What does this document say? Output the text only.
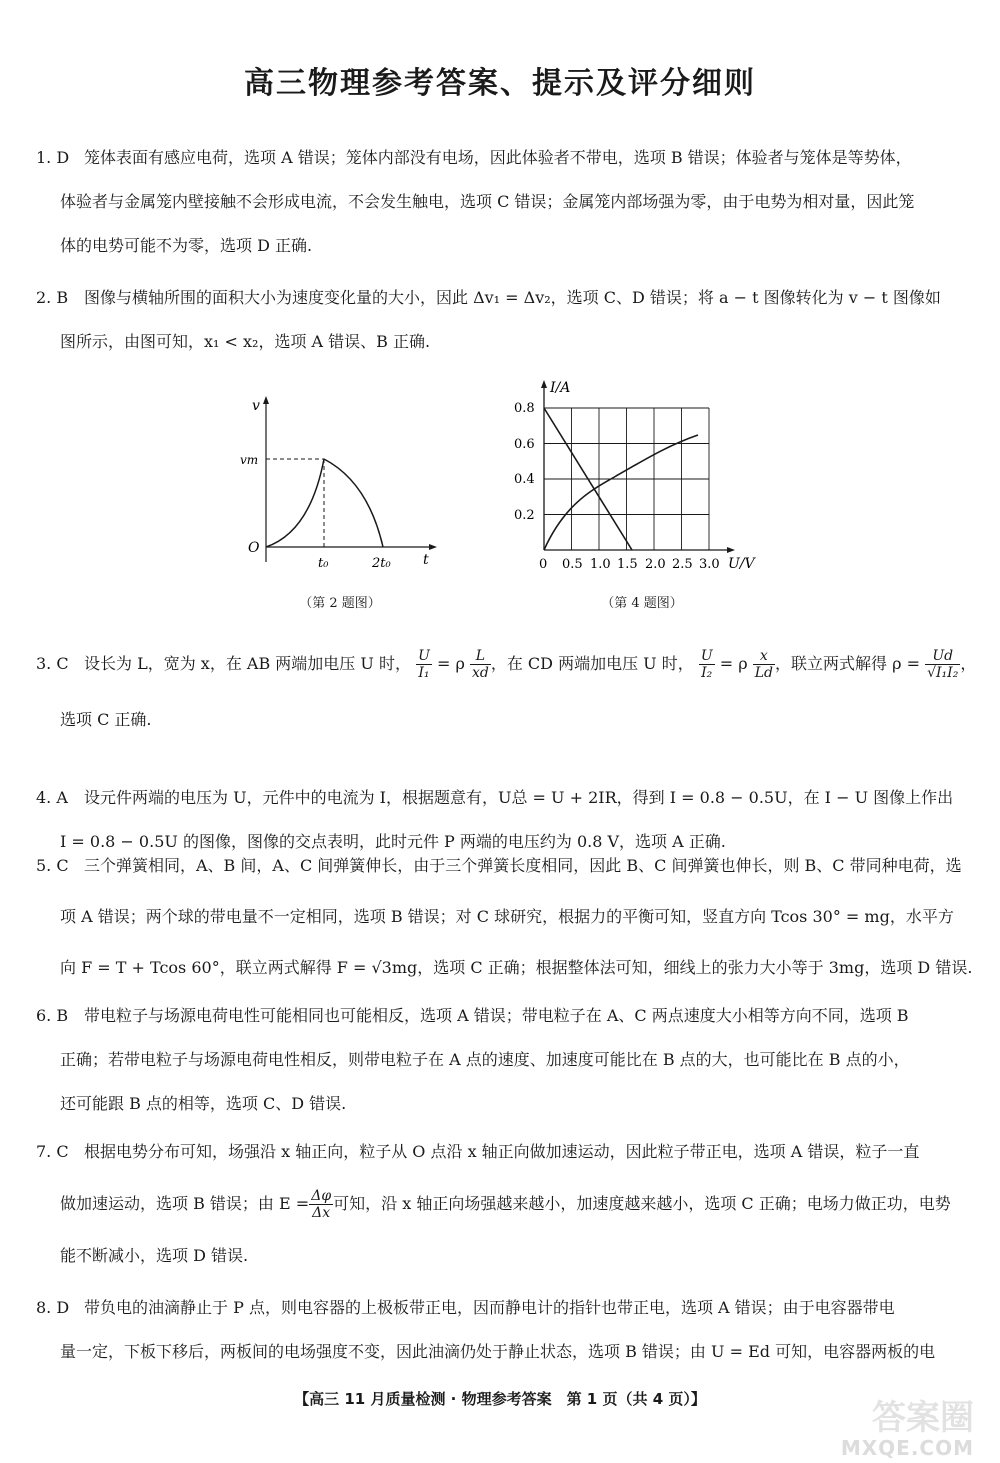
高三物理参考答案、提示及评分细则
1. D 笼体表面有感应电荷，选项 A 错误；笼体内部没有电场，因此体验者不带电，选项 B 错误；体验者与笼体是等势体，
体验者与金属笼内壁接触不会形成电流，不会发生触电，选项 C 错误；金属笼内部场强为零，由于电势为相对量，因此笼
体的电势可能不为零，选项 D 正确.
2. B 图像与横轴所围的面积大小为速度变化量的大小，因此 Δv₁ = Δv₂，选项 C、D 错误；将 a − t 图像转化为 v − t 图像如
图所示，由图可知，x₁ < x₂，选项 A 错误、B 正确.
v
vm
O
t₀	2t₀ t
（第 2 题图）
I/A
0.8
0.6
0.4
0.2
0 0.5 1.0 1.5 2.0 2.5 3.0 U/V
（第 4 题图）
3. C 设长为 L，宽为 x，在 AB 两端加电压 U 时， $\frac{U}{\text{I₁}} = \rho \frac{L}{xd}$ ，在 CD 两端加电压 U 时， $\frac{U}{\text{I₂}} = \rho \frac{x}{Ld}$ ，联立两式解得 $\rho = \frac{Ud}{\text{√I₁I₂}}$ ，
选项 C 正确.
4. A 设元件两端的电压为 U，元件中的电流为 I，根据题意有，U总 = U + 2IR，得到 I = 0.8 − 0.5U，在 I − U 图像上作出
I = 0.8 − 0.5U 的图像，图像的交点表明，此时元件 P 两端的电压约为 0.8 V，选项 A 正确.
5. C 三个弹簧相同，A、B 间，A、C 间弹簧伸长，由于三个弹簧长度相同，因此 B、C 间弹簧也伸长，则 B、C 带同种电荷，选
项 A 错误；两个球的带电量不一定相同，选项 B 错误；对 C 球研究，根据力的平衡可知，竖直方向 Tcos 30° = mg，水平方
向 F = T + Tcos 60°，联立两式解得 F = √3mg，选项 C 正确；根据整体法可知，细线上的张力大小等于 3mg，选项 D 错误.
6. B 带电粒子与场源电荷电性可能相同也可能相反，选项 A 错误；带电粒子在 A、C 两点速度大小相等方向不同，选项 B
正确；若带电粒子与场源电荷电性相反，则带电粒子在 A 点的速度、加速度可能比在 B 点的大，也可能比在 B 点的小，
还可能跟 B 点的相等，选项 C、D 错误.
7. C 根据电势分布可知，场强沿 x 轴正向，粒子从 O 点沿 x 轴正向做加速运动，因此粒子带正电，选项 A 错误，粒子一直
做加速运动，选项 B 错误；由 $E = \frac{\Delta\varphi}{\Delta x}$ 可知，沿 x 轴正向场强越来越小，加速度越来越小，选项 C 正确；电场力做正功，电势
能不断减小，选项 D 错误.
8. D 带负电的油滴静止于 P 点，则电容器的上极板带正电，因而静电计的指针也带正电，选项 A 错误；由于电容器带电
量一定，下板下移后，两板间的电场强度不变，因此油滴仍处于静止状态，选项 B 错误；由 U = Ed 可知，电容器两板的电
【高三 11 月质量检测 · 物理参考答案　第 1 页（共 4 页）】	答案圈
MXQE.COM
